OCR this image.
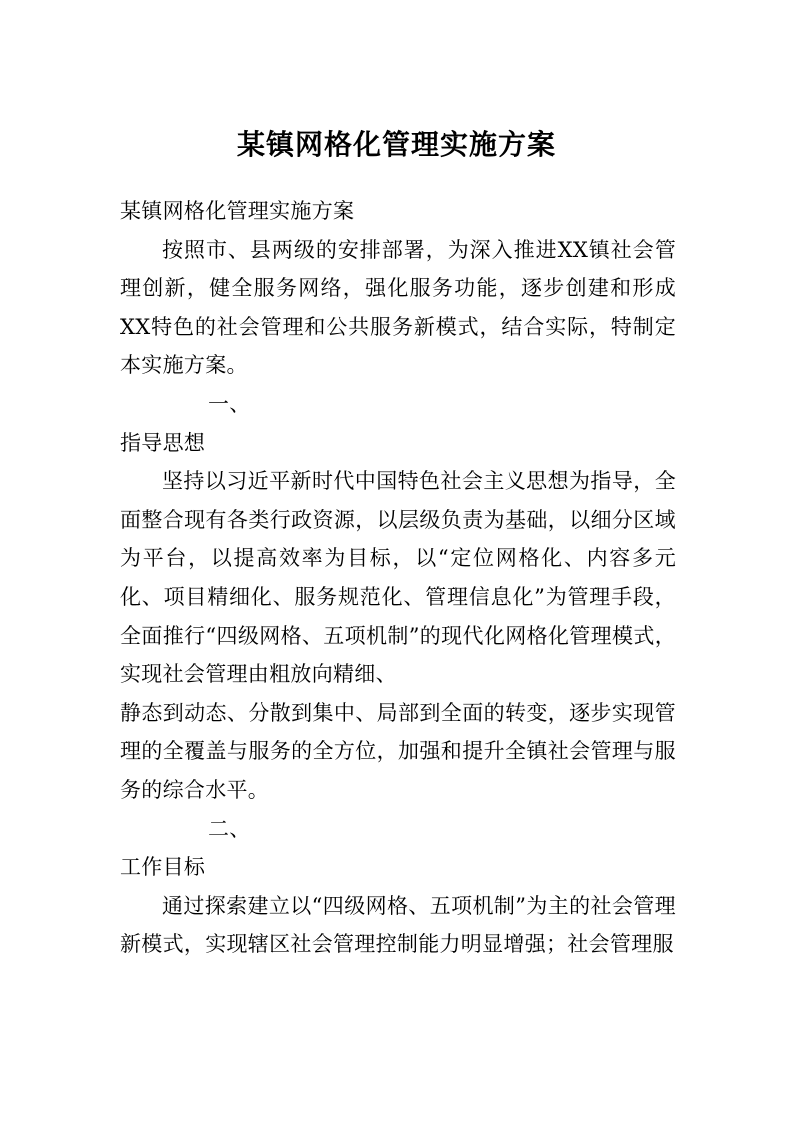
某镇网格化管理实施方案

某镇网格化管理实施方案

按照市、县两级的安排部署，为深入推进XX镇社会管理创新，健全服务网络，强化服务功能，逐步创建和形成XX特色的社会管理和公共服务新模式，结合实际，特制定本实施方案。

一、

指导思想

坚持以习近平新时代中国特色社会主义思想为指导，全面整合现有各类行政资源，以层级负责为基础，以细分区域为平台，以提高效率为目标，以“定位网格化、内容多元化、项目精细化、服务规范化、管理信息化”为管理手段，全面推行“四级网格、五项机制”的现代化网格化管理模式，实现社会管理由粗放向精细、

静态到动态、分散到集中、局部到全面的转变，逐步实现管理的全覆盖与服务的全方位，加强和提升全镇社会管理与服务的综合水平。

二、

工作目标

通过探索建立以“四级网格、五项机制”为主的社会管理新模式，实现辖区社会管理控制能力明显增强；社会管理服
